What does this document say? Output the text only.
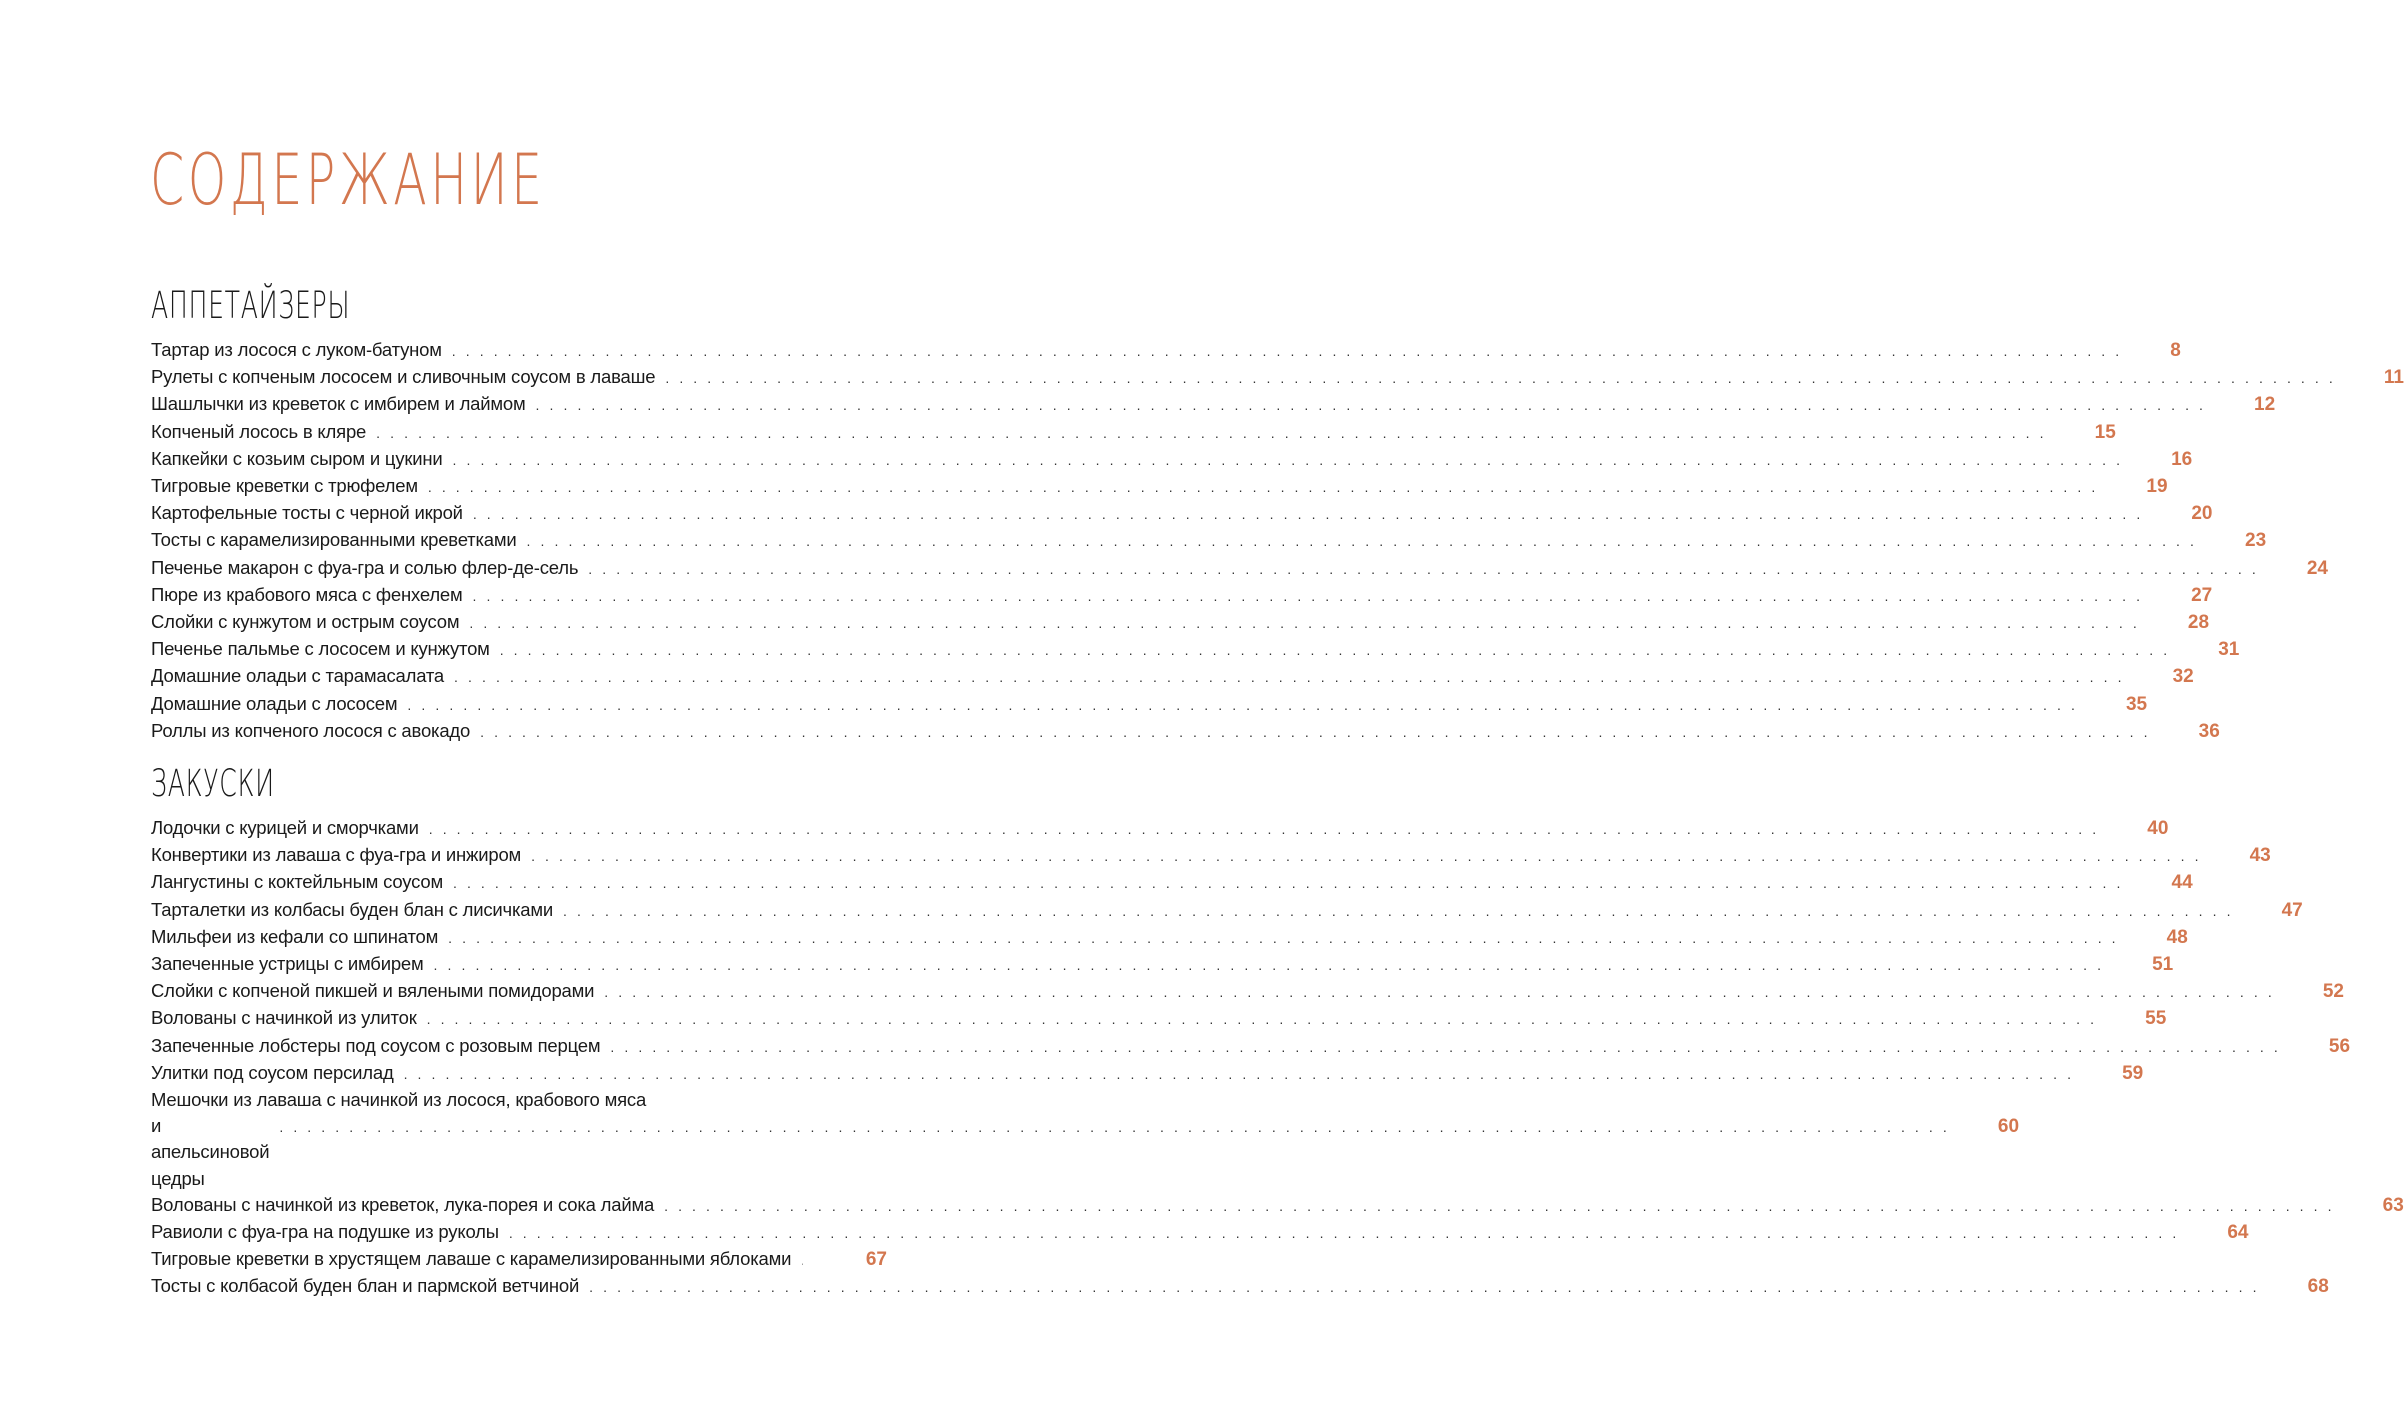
СОДЕРЖАНИЕ
АППЕТАЙЗЕРЫ
Тартар из лосося с луком-батуном . . . . . . . . . . . . . . . . . . . . . . . . . . . . . . . . . . . . . . . . . . . . . . . . . . . . . . . . . . . . . . . . . . . . . . . . . . . . . . . . . . . . . . . . . . . . . . . . . . . . . . . . . . . . . . . . . . . . . . . .	8
Рулеты с копченым лососем и сливочным соусом в лаваше . . . . . . . . . . . . . . . . . . . . . . . . . . . . . . . . . . . . . . . . . . . . . . . . . . . . . . . . . . . . . . . . . . . . . . . . . . . . . . . . . . . . . . . . . . . . . . . . . . . . . . . . . . . . . . . . . . . . . . . .	11
Шашлычки из креветок с имбирем и лаймом . . . . . . . . . . . . . . . . . . . . . . . . . . . . . . . . . . . . . . . . . . . . . . . . . . . . . . . . . . . . . . . . . . . . . . . . . . . . . . . . . . . . . . . . . . . . . . . . . . . . . . . . . . . . . . . . . . . . . . . .	12
Копченый лосось в кляре . . . . . . . . . . . . . . . . . . . . . . . . . . . . . . . . . . . . . . . . . . . . . . . . . . . . . . . . . . . . . . . . . . . . . . . . . . . . . . . . . . . . . . . . . . . . . . . . . . . . . . . . . . . . . . . . . . . . . . . .	15
Капкейки с козьим сыром и цукини . . . . . . . . . . . . . . . . . . . . . . . . . . . . . . . . . . . . . . . . . . . . . . . . . . . . . . . . . . . . . . . . . . . . . . . . . . . . . . . . . . . . . . . . . . . . . . . . . . . . . . . . . . . . . . . . . . . . . . . .	16
Тигровые креветки с трюфелем . . . . . . . . . . . . . . . . . . . . . . . . . . . . . . . . . . . . . . . . . . . . . . . . . . . . . . . . . . . . . . . . . . . . . . . . . . . . . . . . . . . . . . . . . . . . . . . . . . . . . . . . . . . . . . . . . . . . . . . .	19
Картофельные тосты с черной икрой . . . . . . . . . . . . . . . . . . . . . . . . . . . . . . . . . . . . . . . . . . . . . . . . . . . . . . . . . . . . . . . . . . . . . . . . . . . . . . . . . . . . . . . . . . . . . . . . . . . . . . . . . . . . . . . . . . . . . . . .	20
Тосты с карамелизированными креветками . . . . . . . . . . . . . . . . . . . . . . . . . . . . . . . . . . . . . . . . . . . . . . . . . . . . . . . . . . . . . . . . . . . . . . . . . . . . . . . . . . . . . . . . . . . . . . . . . . . . . . . . . . . . . . . . . . . . . . . .	23
Печенье макарон с фуа-гра и солью флер-де-сель . . . . . . . . . . . . . . . . . . . . . . . . . . . . . . . . . . . . . . . . . . . . . . . . . . . . . . . . . . . . . . . . . . . . . . . . . . . . . . . . . . . . . . . . . . . . . . . . . . . . . . . . . . . . . . . . . . . . . . . .	24
Пюре из крабового мяса с фенхелем . . . . . . . . . . . . . . . . . . . . . . . . . . . . . . . . . . . . . . . . . . . . . . . . . . . . . . . . . . . . . . . . . . . . . . . . . . . . . . . . . . . . . . . . . . . . . . . . . . . . . . . . . . . . . . . . . . . . . . . .	27
Слойки с кунжутом и острым соусом . . . . . . . . . . . . . . . . . . . . . . . . . . . . . . . . . . . . . . . . . . . . . . . . . . . . . . . . . . . . . . . . . . . . . . . . . . . . . . . . . . . . . . . . . . . . . . . . . . . . . . . . . . . . . . . . . . . . . . . .	28
Печенье пальмье с лососем и кунжутом . . . . . . . . . . . . . . . . . . . . . . . . . . . . . . . . . . . . . . . . . . . . . . . . . . . . . . . . . . . . . . . . . . . . . . . . . . . . . . . . . . . . . . . . . . . . . . . . . . . . . . . . . . . . . . . . . . . . . . . .	31
Домашние оладьи с тарамасалата . . . . . . . . . . . . . . . . . . . . . . . . . . . . . . . . . . . . . . . . . . . . . . . . . . . . . . . . . . . . . . . . . . . . . . . . . . . . . . . . . . . . . . . . . . . . . . . . . . . . . . . . . . . . . . . . . . . . . . . .	32
Домашние оладьи с лососем . . . . . . . . . . . . . . . . . . . . . . . . . . . . . . . . . . . . . . . . . . . . . . . . . . . . . . . . . . . . . . . . . . . . . . . . . . . . . . . . . . . . . . . . . . . . . . . . . . . . . . . . . . . . . . . . . . . . . . . .	35
Роллы из копченого лосося с авокадо . . . . . . . . . . . . . . . . . . . . . . . . . . . . . . . . . . . . . . . . . . . . . . . . . . . . . . . . . . . . . . . . . . . . . . . . . . . . . . . . . . . . . . . . . . . . . . . . . . . . . . . . . . . . . . . . . . . . . . . .	36
ЗАКУСКИ
Лодочки с курицей и сморчками . . . . . . . . . . . . . . . . . . . . . . . . . . . . . . . . . . . . . . . . . . . . . . . . . . . . . . . . . . . . . . . . . . . . . . . . . . . . . . . . . . . . . . . . . . . . . . . . . . . . . . . . . . . . . . . . . . . . . . . .	40
Конвертики из лаваша с фуа-гра и инжиром . . . . . . . . . . . . . . . . . . . . . . . . . . . . . . . . . . . . . . . . . . . . . . . . . . . . . . . . . . . . . . . . . . . . . . . . . . . . . . . . . . . . . . . . . . . . . . . . . . . . . . . . . . . . . . . . . . . . . . . .	43
Лангустины с коктейльным соусом . . . . . . . . . . . . . . . . . . . . . . . . . . . . . . . . . . . . . . . . . . . . . . . . . . . . . . . . . . . . . . . . . . . . . . . . . . . . . . . . . . . . . . . . . . . . . . . . . . . . . . . . . . . . . . . . . . . . . . . .	44
Тарталетки из колбасы буден блан с лисичками . . . . . . . . . . . . . . . . . . . . . . . . . . . . . . . . . . . . . . . . . . . . . . . . . . . . . . . . . . . . . . . . . . . . . . . . . . . . . . . . . . . . . . . . . . . . . . . . . . . . . . . . . . . . . . . . . . . . . . . .	47
Мильфеи из кефали со шпинатом . . . . . . . . . . . . . . . . . . . . . . . . . . . . . . . . . . . . . . . . . . . . . . . . . . . . . . . . . . . . . . . . . . . . . . . . . . . . . . . . . . . . . . . . . . . . . . . . . . . . . . . . . . . . . . . . . . . . . . . .	48
Запеченные устрицы с имбирем . . . . . . . . . . . . . . . . . . . . . . . . . . . . . . . . . . . . . . . . . . . . . . . . . . . . . . . . . . . . . . . . . . . . . . . . . . . . . . . . . . . . . . . . . . . . . . . . . . . . . . . . . . . . . . . . . . . . . . . .	51
Слойки с копченой пикшей и вялеными помидорами . . . . . . . . . . . . . . . . . . . . . . . . . . . . . . . . . . . . . . . . . . . . . . . . . . . . . . . . . . . . . . . . . . . . . . . . . . . . . . . . . . . . . . . . . . . . . . . . . . . . . . . . . . . . . . . . . . . . . . . .	52
Волованы с начинкой из улиток . . . . . . . . . . . . . . . . . . . . . . . . . . . . . . . . . . . . . . . . . . . . . . . . . . . . . . . . . . . . . . . . . . . . . . . . . . . . . . . . . . . . . . . . . . . . . . . . . . . . . . . . . . . . . . . . . . . . . . . .	55
Запеченные лобстеры под соусом с розовым перцем . . . . . . . . . . . . . . . . . . . . . . . . . . . . . . . . . . . . . . . . . . . . . . . . . . . . . . . . . . . . . . . . . . . . . . . . . . . . . . . . . . . . . . . . . . . . . . . . . . . . . . . . . . . . . . . . . . . . . . . .	56
Улитки под соусом персилад . . . . . . . . . . . . . . . . . . . . . . . . . . . . . . . . . . . . . . . . . . . . . . . . . . . . . . . . . . . . . . . . . . . . . . . . . . . . . . . . . . . . . . . . . . . . . . . . . . . . . . . . . . . . . . . . . . . . . . . .	59
Мешочки из лаваша с начинкой из лосося, крабового мяса
и апельсиновой цедры
. . . . . . . . . . . . . . . . . . . . . . . . . . . . . . . . . . . . . . . . . . . . . . . . . . . . . . . . . . . . . . . . . . . . . . . . . . . . . . . . . . . . . . . . . . . . . . . . . . . . . . . . . . . . . . . . . . . . . . . .	60
Волованы с начинкой из креветок, лука-порея и сока лайма . . . . . . . . . . . . . . . . . . . . . . . . . . . . . . . . . . . . . . . . . . . . . . . . . . . . . . . . . . . . . . . . . . . . . . . . . . . . . . . . . . . . . . . . . . . . . . . . . . . . . . . . . . . . . . . . . . . . . . . .	63
Равиоли с фуа-гра на подушке из руколы . . . . . . . . . . . . . . . . . . . . . . . . . . . . . . . . . . . . . . . . . . . . . . . . . . . . . . . . . . . . . . . . . . . . . . . . . . . . . . . . . . . . . . . . . . . . . . . . . . . . . . . . . . . . . . . . . . . . . . . .	64
Тигровые креветки в хрустящем лаваше с карамелизированными яблоками	67
Тосты с колбасой буден блан и пармской ветчиной . . . . . . . . . . . . . . . . . . . . . . . . . . . . . . . . . . . . . . . . . . . . . . . . . . . . . . . . . . . . . . . . . . . . . . . . . . . . . . . . . . . . . . . . . . . . . . . . . . . . . . . . . . . . . . . . . . . . . . . .	68
